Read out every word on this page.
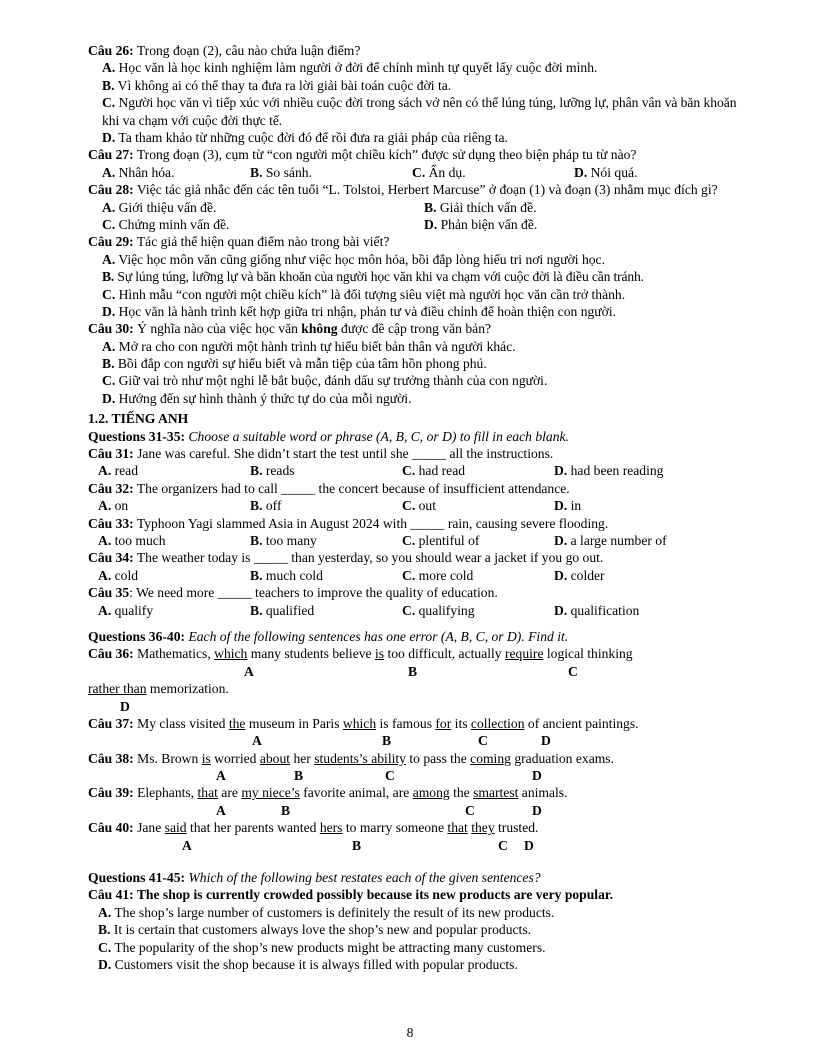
Câu 26: Trong đoạn (2), câu nào chứa luận điểm?
A. Học văn là học kinh nghiệm làm người ở đời để chính mình tự quyết lấy cuộc đời mình.
B. Vì không ai có thể thay ta đưa ra lời giải bài toán cuộc đời ta.
C. Người học văn vì tiếp xúc với nhiều cuộc đời trong sách vở nên có thể lúng túng, lưỡng lự, phân vân và băn khoăn khi va chạm với cuộc đời thực tế.
D. Ta tham khảo từ những cuộc đời đó để rồi đưa ra giải pháp của riêng ta.
Câu 27: Trong đoạn (3), cụm từ “con người một chiều kích” được sử dụng theo biện pháp tu từ nào?
A. Nhân hóa.	B. So sánh.	C. Ẩn dụ.	D. Nói quá.
Câu 28: Việc tác giả nhắc đến các tên tuổi “L. Tolstoi, Herbert Marcuse” ở đoạn (1) và đoạn (3) nhằm mục đích gì?
A. Giới thiệu vấn đề.	B. Giải thích vấn đề.
C. Chứng minh vấn đề.	D. Phản biện vấn đề.
Câu 29: Tác giả thể hiện quan điểm nào trong bài viết?
A. Việc học môn văn cũng giống như việc học môn hóa, bồi đắp lòng hiếu tri nơi người học.
B. Sự lúng túng, lưỡng lự và băn khoăn của người học văn khi va chạm với cuộc đời là điều cần tránh.
C. Hình mẫu “con người một chiều kích” là đối tượng siêu việt mà người học văn cần trở thành.
D. Học văn là hành trình kết hợp giữa tri nhận, phản tư và điều chỉnh để hoàn thiện con người.
Câu 30: Ý nghĩa nào của việc học văn không được đề cập trong văn bản?
A. Mở ra cho con người một hành trình tự hiểu biết bản thân và người khác.
B. Bồi đắp con người sự hiểu biết và mẫn tiệp của tâm hồn phong phú.
C. Giữ vai trò như một nghi lễ bắt buộc, đánh dấu sự trưởng thành của con người.
D. Hướng đến sự hình thành ý thức tự do của mỗi người.
1.2. TIẾNG ANH
Questions 31-35: Choose a suitable word or phrase (A, B, C, or D) to fill in each blank.
Câu 31: Jane was careful. She didn’t start the test until she _____ all the instructions.
A. read	B. reads	C. had read	D. had been reading
Câu 32: The organizers had to call _____ the concert because of insufficient attendance.
A. on	B. off	C. out	D. in
Câu 33: Typhoon Yagi slammed Asia in August 2024 with _____ rain, causing severe flooding.
A. too much	B. too many	C. plentiful of	D. a large number of
Câu 34: The weather today is _____ than yesterday, so you should wear a jacket if you go out.
A. cold	B. much cold	C. more cold	D. colder
Câu 35: We need more _____ teachers to improve the quality of education.
A. qualify	B. qualified	C. qualifying	D. qualification
Questions 36-40: Each of the following sentences has one error (A, B, C, or D). Find it.
Câu 36: Mathematics, which many students believe is too difficult, actually require logical thinking
A	B	C
rather than memorization.
D
Câu 37: My class visited the museum in Paris which is famous for its collection of ancient paintings.
A	B	C	D
Câu 38: Ms. Brown is worried about her students’s ability to pass the coming graduation exams.
A	B	C	D
Câu 39: Elephants, that are my niece’s favorite animal, are among the smartest animals.
A	B	C	D
Câu 40: Jane said that her parents wanted hers to marry someone that they trusted.
A	B	C D
Questions 41-45: Which of the following best restates each of the given sentences?
Câu 41: The shop is currently crowded possibly because its new products are very popular.
A. The shop’s large number of customers is definitely the result of its new products.
B. It is certain that customers always love the shop’s new and popular products.
C. The popularity of the shop’s new products might be attracting many customers.
D. Customers visit the shop because it is always filled with popular products.
8
